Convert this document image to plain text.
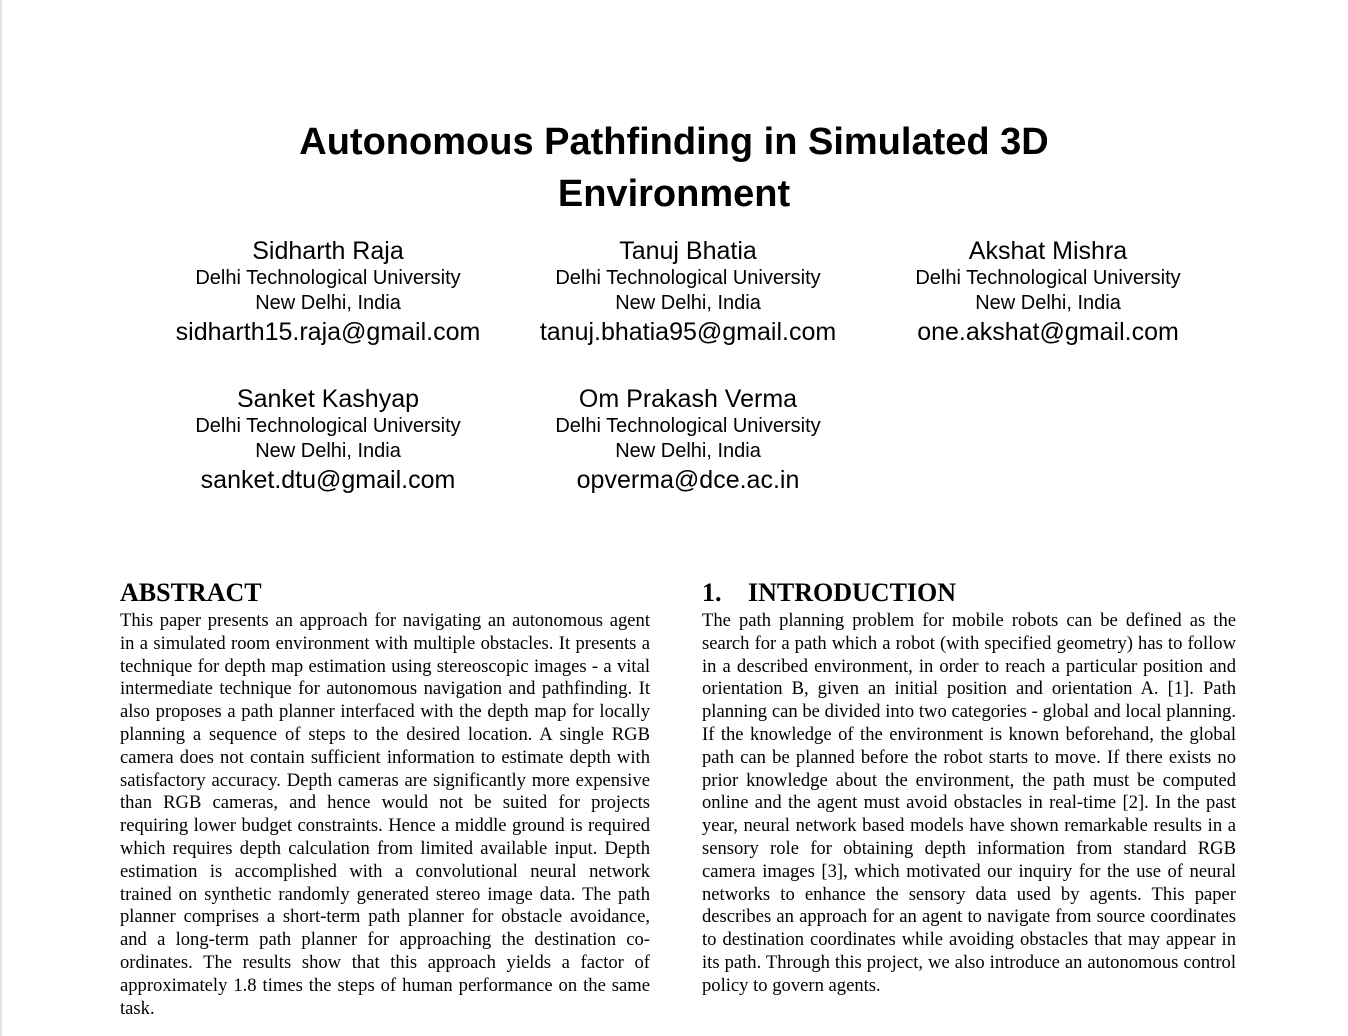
Autonomous Pathfinding in Simulated 3D Environment
Sidharth Raja
Delhi Technological University
New Delhi, India
sidharth15.raja@gmail.com
Tanuj Bhatia
Delhi Technological University
New Delhi, India
tanuj.bhatia95@gmail.com
Akshat Mishra
Delhi Technological University
New Delhi, India
one.akshat@gmail.com
Sanket Kashyap
Delhi Technological University
New Delhi, India
sanket.dtu@gmail.com
Om Prakash Verma
Delhi Technological University
New Delhi, India
opverma@dce.ac.in
ABSTRACT

This paper presents an approach for navigating an autonomous agent in a simulated room environment with multiple obstacles. It presents a technique for depth map estimation using stereoscopic images - a vital intermediate technique for autonomous navigation and pathfinding. It also proposes a path planner interfaced with the depth map for locally planning a sequence of steps to the desired location. A single RGB camera does not contain sufficient information to estimate depth with satisfactory accuracy. Depth cameras are significantly more expensive than RGB cameras, and hence would not be suited for projects requiring lower budget constraints. Hence a middle ground is required which requires depth calculation from limited available input. Depth estimation is accomplished with a convolutional neural network trained on synthetic randomly generated stereo image data. The path planner comprises a short-term path planner for obstacle avoidance, and a long-term path planner for approaching the destination co-ordinates. The results show that this approach yields a factor of approximately 1.8 times the steps of human performance on the same task.

1. INTRODUCTION

The path planning problem for mobile robots can be defined as the search for a path which a robot (with specified geometry) has to follow in a described environment, in order to reach a particular position and orientation B, given an initial position and orientation A. [1]. Path planning can be divided into two categories - global and local planning. If the knowledge of the environment is known beforehand, the global path can be planned before the robot starts to move. If there exists no prior knowledge about the environment, the path must be computed online and the agent must avoid obstacles in real-time [2]. In the past year, neural network based models have shown remarkable results in a sensory role for obtaining depth information from standard RGB camera images [3], which motivated our inquiry for the use of neural networks to enhance the sensory data used by agents. This paper describes an approach for an agent to navigate from source coordinates to destination coordinates while avoiding obstacles that may appear in its path. Through this project, we also introduce an autonomous control policy to govern agents.
